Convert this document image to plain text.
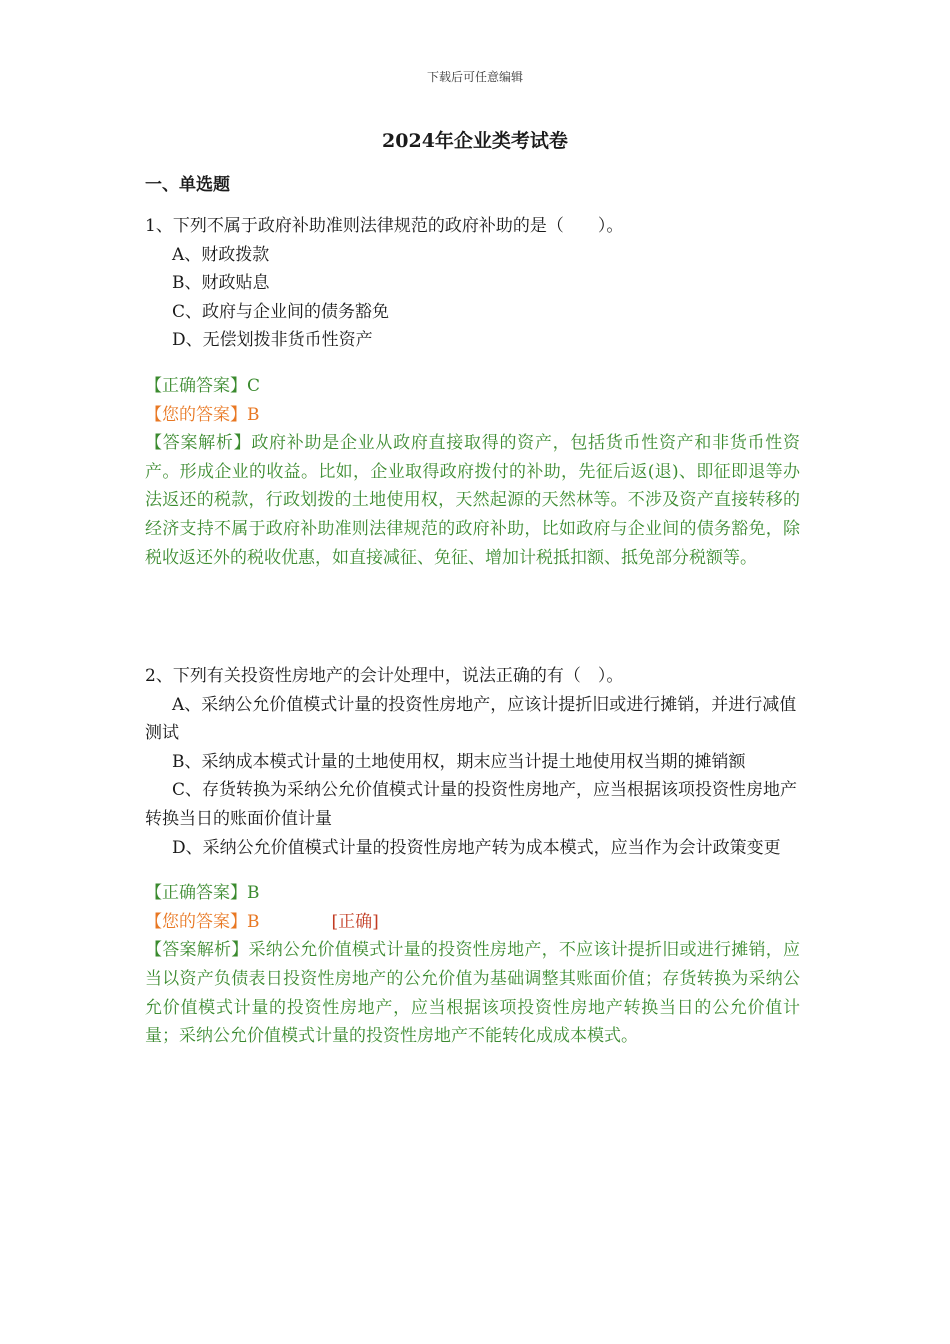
下载后可任意编辑
2024年企业类考试卷
一、单选题

1、下列不属于政府补助准则法律规范的政府补助的是（　　）。

A、财政拨款

B、财政贴息

C、政府与企业间的债务豁免

D、无偿划拨非货币性资产

【正确答案】C

【您的答案】B

【答案解析】政府补助是企业从政府直接取得的资产，包括货币性资产和非货币性资产。形成企业的收益。比如，企业取得政府拨付的补助，先征后返(退)、即征即退等办法返还的税款，行政划拨的土地使用权，天然起源的天然林等。不涉及资产直接转移的经济支持不属于政府补助准则法律规范的政府补助，比如政府与企业间的债务豁免，除税收返还外的税收优惠，如直接减征、免征、增加计税抵扣额、抵免部分税额等。

2、下列有关投资性房地产的会计处理中，说法正确的有（　）。

A、采纳公允价值模式计量的投资性房地产，应该计提折旧或进行摊销，并进行减值测试

B、采纳成本模式计量的土地使用权，期末应当计提土地使用权当期的摊销额

C、存货转换为采纳公允价值模式计量的投资性房地产，应当根据该项投资性房地产转换当日的账面价值计量

D、采纳公允价值模式计量的投资性房地产转为成本模式，应当作为会计政策变更

【正确答案】B

【您的答案】B	[正确]

【答案解析】采纳公允价值模式计量的投资性房地产，不应该计提折旧或进行摊销，应当以资产负债表日投资性房地产的公允价值为基础调整其账面价值；存货转换为采纳公允价值模式计量的投资性房地产，应当根据该项投资性房地产转换当日的公允价值计量；采纳公允价值模式计量的投资性房地产不能转化成成本模式。
